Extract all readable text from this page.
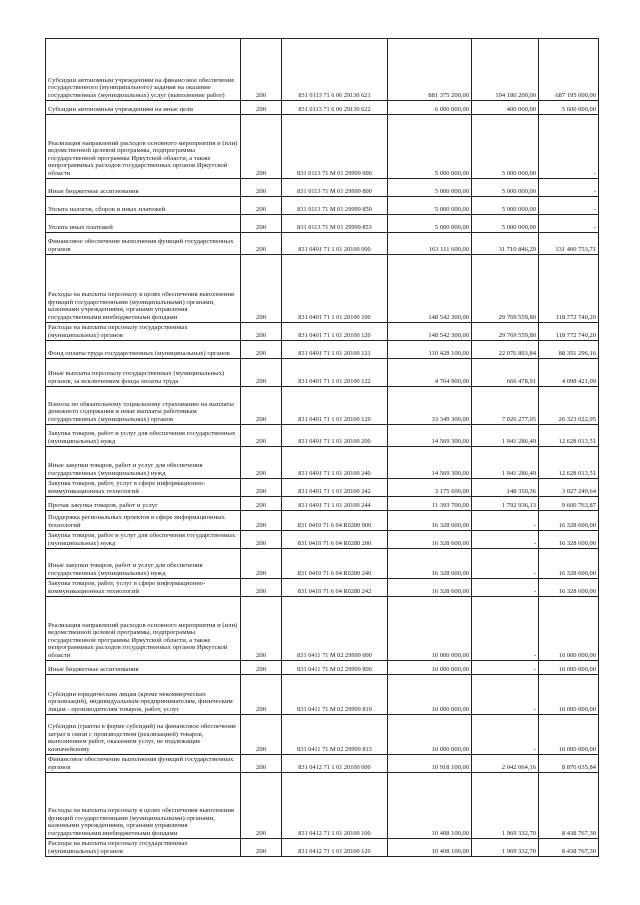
Субсидии автономным учреждениям на финансовое обеспечение государственного (муниципального) задания на оказание государственных (муниципальных) услуг (выполнение работ)	200	831 0113 71 6 06 29130 621	881 375 200,00	194 180 200,00	687 195 000,00
Субсидии автономным учреждениям на иные цели	200	831 0113 71 6 06 29130 622	6 000 000,00	400 000,00	5 600 000,00
Реализация направлений расходов основного мероприятия и (или) ведомственной целевой программы, подпрограммы государственной программы Иркутской области, а также непрограммных расходов государственных органов Иркутской области	200	831 0113 71 М 01 29999 000	5 000 000,00	5 000 000,00	-
Иные бюджетные ассигнования	200	831 0113 71 М 01 29999 800	5 000 000,00	5 000 000,00	-
Уплата налогов, сборов и иных платежей	200	831 0113 71 М 01 29999 850	5 000 000,00	5 000 000,00	-
Уплата иных платежей	200	831 0113 71 М 01 29999 853	5 000 000,00	5 000 000,00	-
Финансовое обеспечение выполнения функций государственных органов	200	831 0401 71 1 01 20100 000	163 111 600,00	31 710 846,29	131 400 753,71
Расходы на выплаты персоналу в целях обеспечения выполнения функций государственными (муниципальными) органами, казенными учреждениями, органами управления государственными внебюджетными фондами	200	831 0401 71 1 01 20100 100	148 542 300,00	29 769 559,80	118 772 740,20
Расходы на выплаты персоналу государственных (муниципальных) органов	200	831 0401 71 1 01 20100 120	148 542 300,00	29 769 559,80	118 772 740,20
Фонд оплаты труда государственных (муниципальных) органов	200	831 0401 71 1 01 20100 121	110 428 100,00	22 076 803,84	88 351 296,16
Иные выплаты персоналу государственных (муниципальных) органов, за исключением фонда оплаты труда	200	831 0401 71 1 01 20100 122	4 764 900,00	666 478,91	4 098 421,09
Взносы по обязательному социальному страхованию на выплаты денежного содержания и иные выплаты работникам государственных (муниципальных) органов	200	831 0401 71 1 01 20100 129	33 349 300,00	7 026 277,05	26 323 022,95
Закупка товаров, работ и услуг для обеспечения государственных (муниципальных) нужд	200	831 0401 71 1 01 20100 200	14 569 300,00	1 941 286,49	12 628 013,51
Иные закупки товаров, работ и услуг для обеспечения государственных (муниципальных) нужд	200	831 0401 71 1 01 20100 240	14 569 300,00	1 941 286,49	12 628 013,51
Закупка товаров, работ, услуг в сфере информационно-коммуникационных технологий	200	831 0401 71 1 01 20100 242	3 175 600,00	148 350,36	3 027 249,64
Прочая закупка товаров, работ и услуг	200	831 0401 71 1 01 20100 244	11 393 700,00	1 792 936,13	9 600 763,87
Поддержка региональных проектов в сфере информационных технологий	200	831 0410 71 6 04 R0280 000	16 328 600,00	-	16 328 600,00
Закупка товаров, работ и услуг для обеспечения государственных (муниципальных) нужд	200	831 0410 71 6 04 R0280 200	16 328 600,00	-	16 328 600,00
Иные закупки товаров, работ и услуг для обеспечения государственных (муниципальных) нужд	200	831 0410 71 6 04 R0280 240	16 328 600,00	-	16 328 600,00
Закупка товаров, работ, услуг в сфере информационно-коммуникационных технологий	200	831 0410 71 6 04 R0280 242	16 328 600,00	-	16 328 600,00
Реализация направлений расходов основного мероприятия и (или) ведомственной целевой программы, подпрограммы государственной программы Иркутской области, а также непрограммных расходов государственных органов Иркутской области	200	831 0411 71 М 02 29999 000	10 000 000,00	-	10 000 000,00
Иные бюджетные ассигнования	200	831 0411 71 М 02 29999 800	10 000 000,00	-	10 000 000,00
Субсидии юридическим лицам (кроме некоммерческих организаций), индивидуальным предпринимателям, физическим лицам - производителям товаров, работ, услуг	200	831 0411 71 М 02 29999 810	10 000 000,00	-	10 000 000,00
Субсидии (гранты в форме субсидий) на финансовое обеспечение затрат в связи с производством (реализацией) товаров, выполнением работ, оказанием услуг, не подлежащие казначейскому	200	831 0411 71 М 02 29999 813	10 000 000,00	-	10 000 000,00
Финансовое обеспечение выполнения функций государственных органов	200	831 0412 71 1 01 20100 000	10 918 100,00	2 042 064,16	8 876 035,84
Расходы на выплаты персоналу в целях обеспечения выполнения функций государственными (муниципальными) органами, казенными учреждениями, органами управления государственными внебюджетными фондами	200	831 0412 71 1 01 20100 100	10 408 100,00	1 969 332,70	8 438 767,30
Расходы на выплаты персоналу государственных (муниципальных) органов	200	831 0412 71 1 01 20100 120	10 408 100,00	1 969 332,70	8 438 767,30
